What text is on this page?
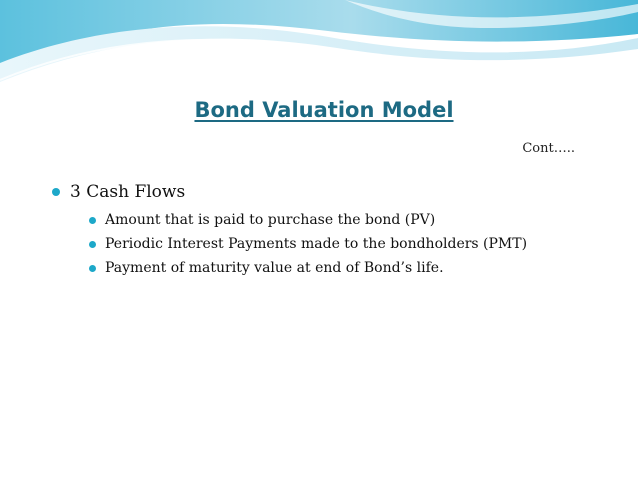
Bond Valuation Model
Cont…..
3 Cash Flows
Amount that is paid to purchase the bond (PV)
Periodic Interest Payments made to the bondholders (PMT)
Payment of maturity value at end of Bond’s life.
